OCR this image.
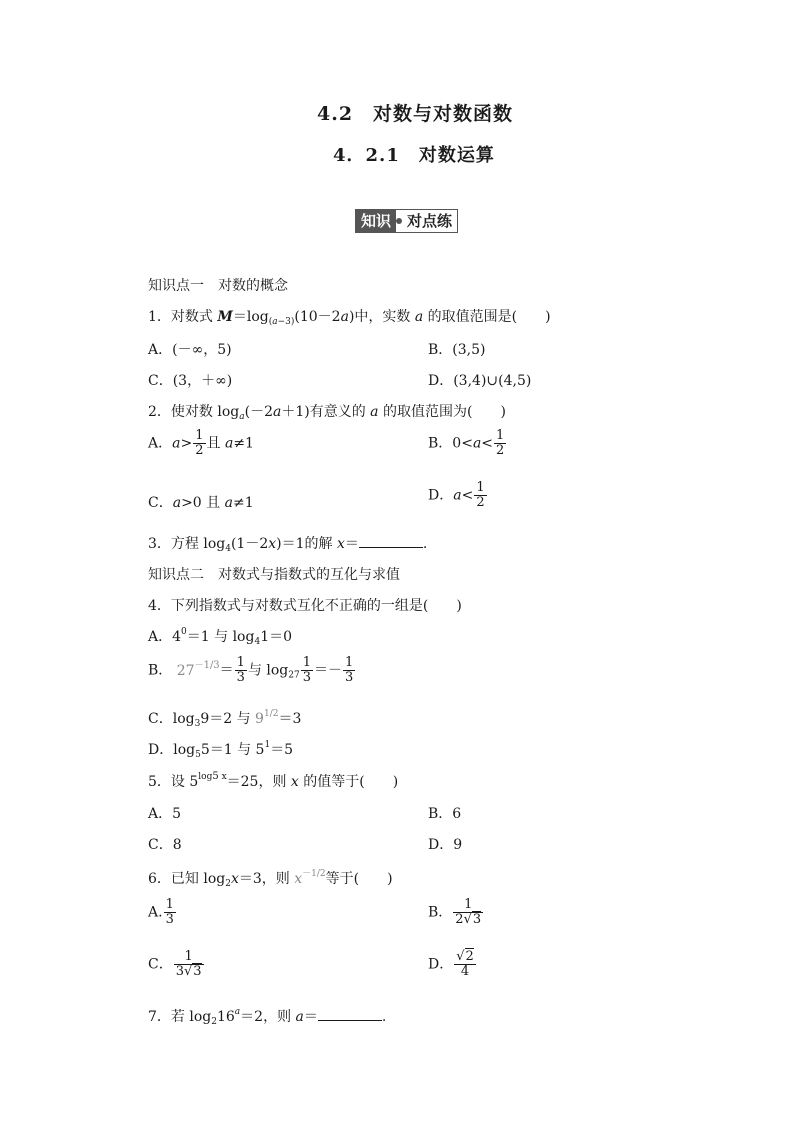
4.2　对数与对数函数
4．2.1　对数运算
知识	对点练
知识点一　对数的概念
1．对数式 $M=\log_{(a-3)}(10-2a)$中，实数 a 的取值范围是(　　)
A．(－∞，5)	B．(3,5)
C．(3，＋∞)	D．(3,4)∪(4,5)
2．使对数 $\log_a(-2a+1)$有意义的 a 的取值范围为(　　)
A．$a> \frac{1}{2}$ 且 a≠1	B．$0<a< \frac{1}{2}$
C．a>0 且 a≠1	D．$a< \frac{1}{2}$
3．方程 $\log_4(1-2x)=1$的解 x＝	.
知识点二　对数式与指数式的互化与求值
4．下列指数式与对数式互化不正确的一组是(　　)
A．$4^0=1$ 与 $\log_41=0$
B． $27^{-1/3}= \frac{1}{3}$ 与 $\log_{27} \frac{1}{3} =- \frac{1}{3}$
C．$\log_39=2$ 与 $9^{1/2}=3$
D．$\log_55=1$ 与 $5^1=5$
5．设 $5^{log5 x}=25$，则 x 的值等于(　　)
A．5	B．6
C．8	D．9
6．已知 $\log_2x=3$，则 $x^{-1/2}$等于(　　)
A. $\frac{1}{3}$	B． $\frac{1}{2√3}$
C． $\frac{1}{3√3}$	D． $\frac{√2}{4}$
7．若 $\log_216^a=2$，则 a＝	.
